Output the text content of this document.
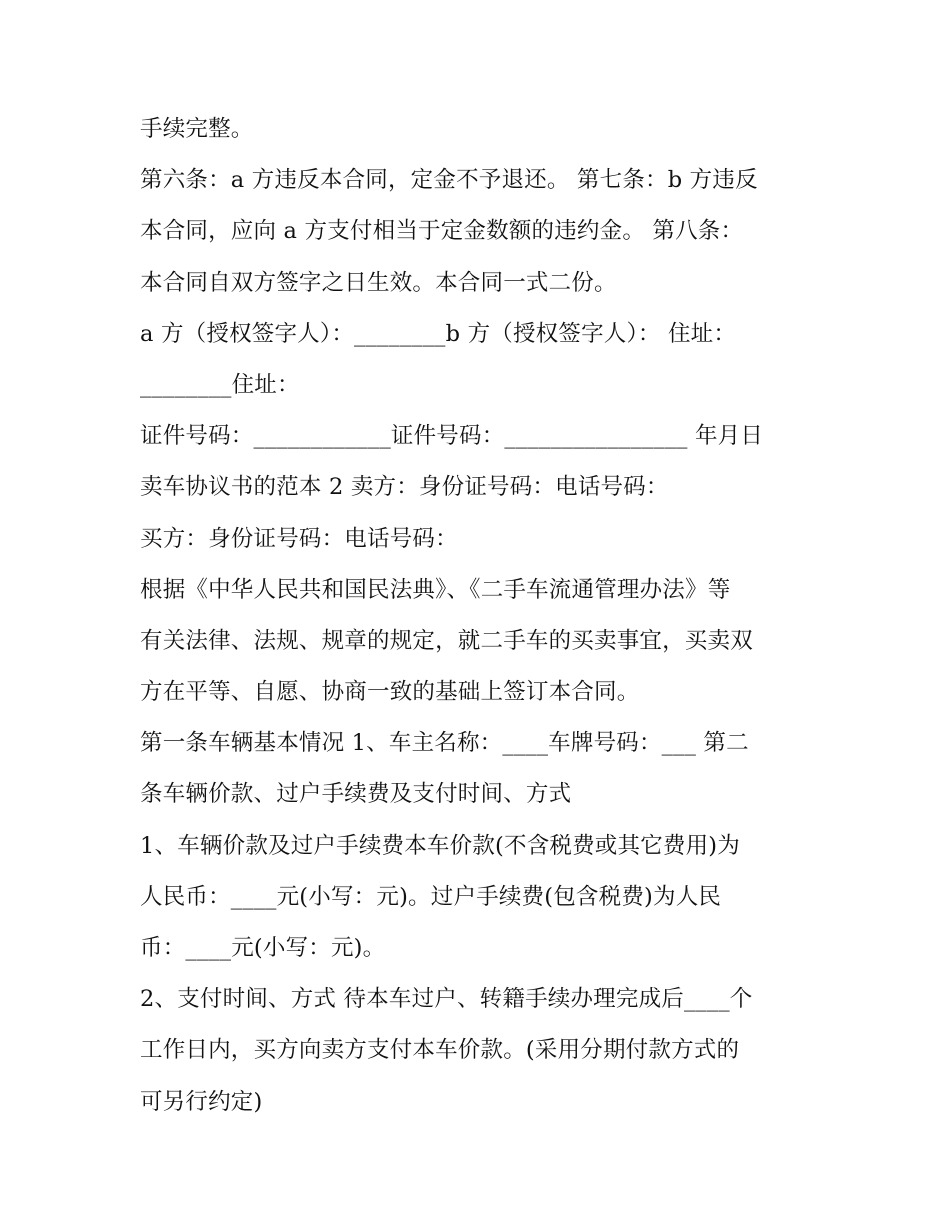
手续完整。
第六条：a 方违反本合同，定金不予退还。 第七条：b 方违反
本合同，应向 a 方支付相当于定金数额的违约金。 第八条：
本合同自双方签字之日生效。本合同一式二份。
a 方（授权签字人）：________b 方（授权签字人）： 住址：
________住址：
证件号码：____________证件号码：________________ 年月日
卖车协议书的范本 2 卖方：身份证号码：电话号码：
买方：身份证号码：电话号码：
根据《中华人民共和国民法典》、《二手车流通管理办法》等
有关法律、法规、规章的规定，就二手车的买卖事宜，买卖双
方在平等、自愿、协商一致的基础上签订本合同。
第一条车辆基本情况 1、车主名称：____车牌号码：___ 第二
条车辆价款、过户手续费及支付时间、方式
1、车辆价款及过户手续费本车价款(不含税费或其它费用)为
人民币：____元(小写：元)。过户手续费(包含税费)为人民
币：____元(小写：元)。
2、支付时间、方式 待本车过户、转籍手续办理完成后____个
工作日内，买方向卖方支付本车价款。(采用分期付款方式的
可另行约定)
